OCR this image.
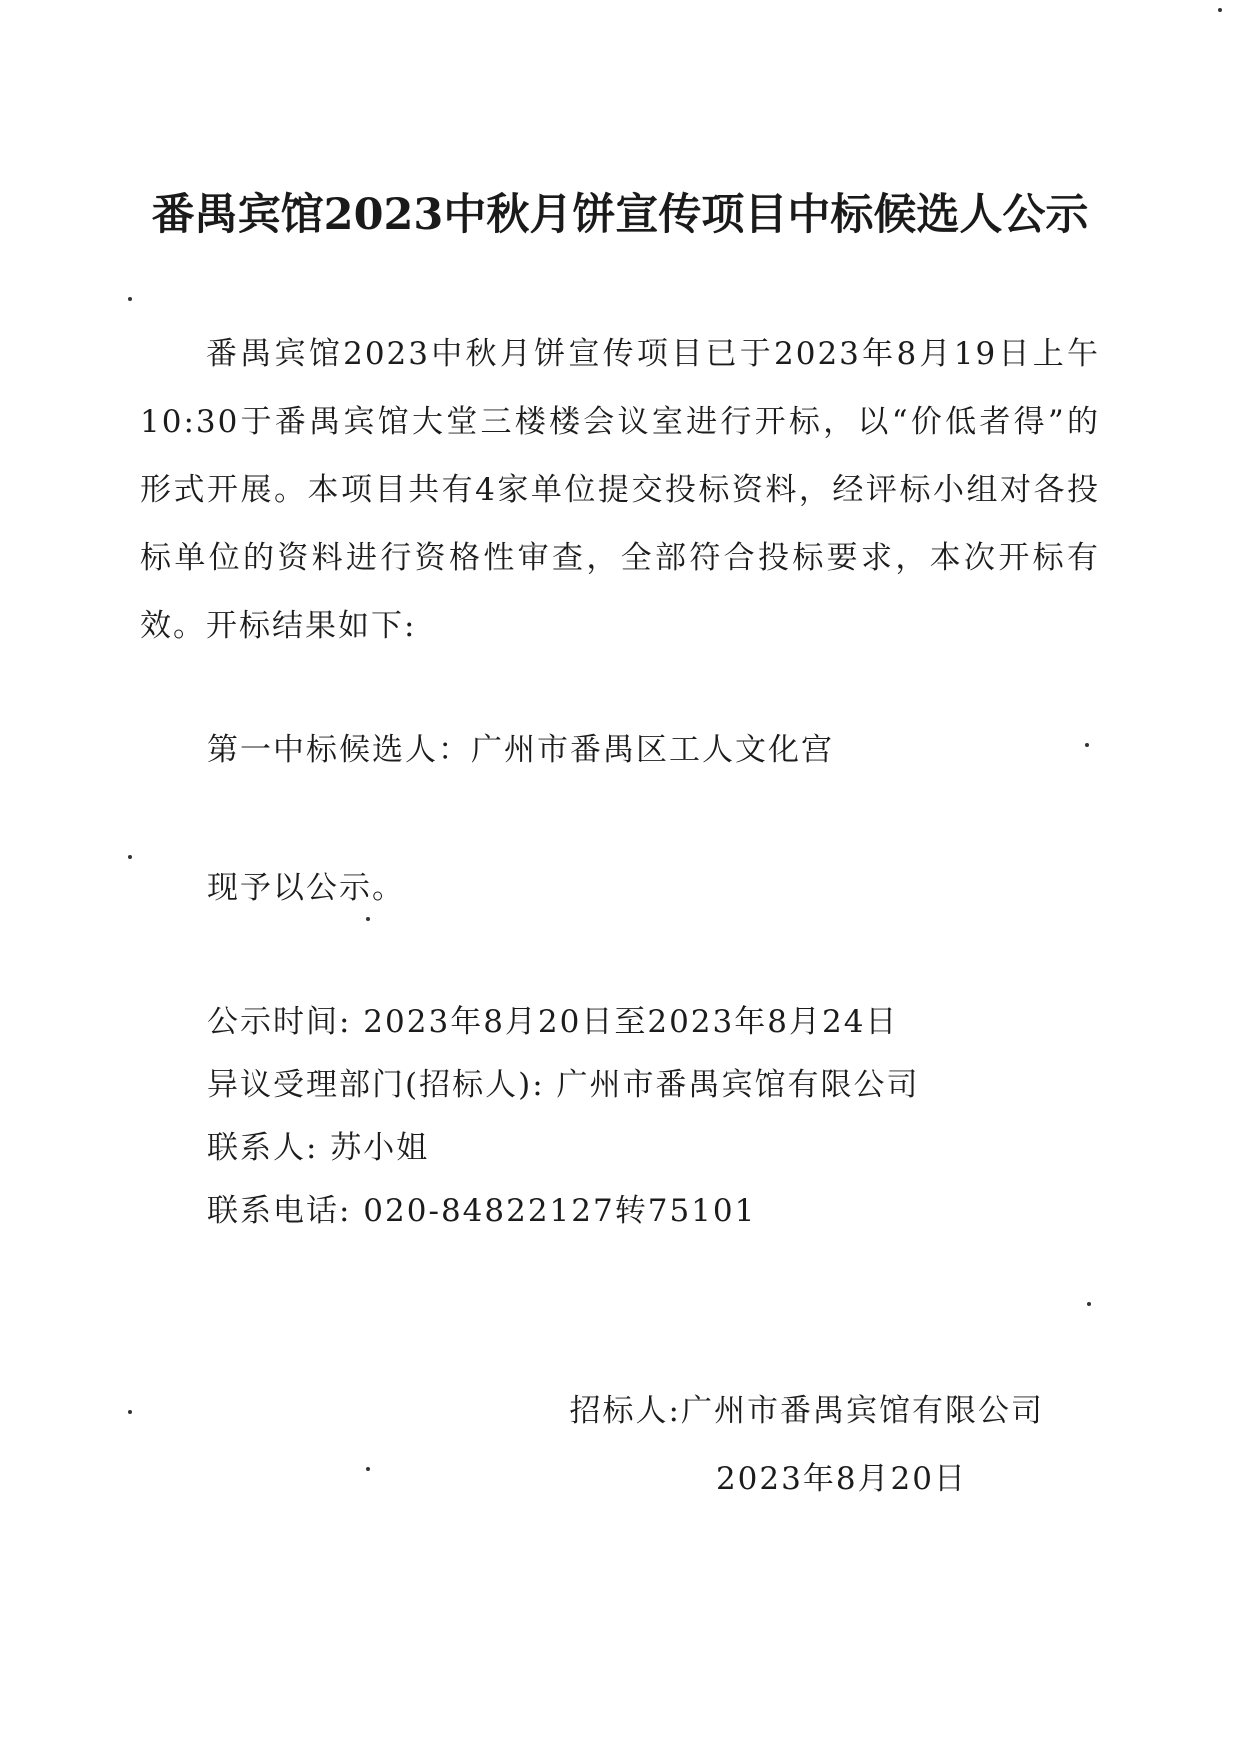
番禺宾馆2023中秋月饼宣传项目中标候选人公示

番禺宾馆2023中秋月饼宣传项目已于2023年8月19日上午10:30于番禺宾馆大堂三楼楼会议室进行开标，以“价低者得”的形式开展。本项目共有4家单位提交投标资料，经评标小组对各投标单位的资料进行资格性审查，全部符合投标要求，本次开标有效。开标结果如下:

第一中标候选人：广州市番禺区工人文化宫

现予以公示。

公示时间: 2023年8月20日至2023年8月24日
异议受理部门(招标人): 广州市番禺宾馆有限公司
联系人: 苏小姐
联系电话: 020-84822127转75101

招标人:广州市番禺宾馆有限公司

2023年8月20日
